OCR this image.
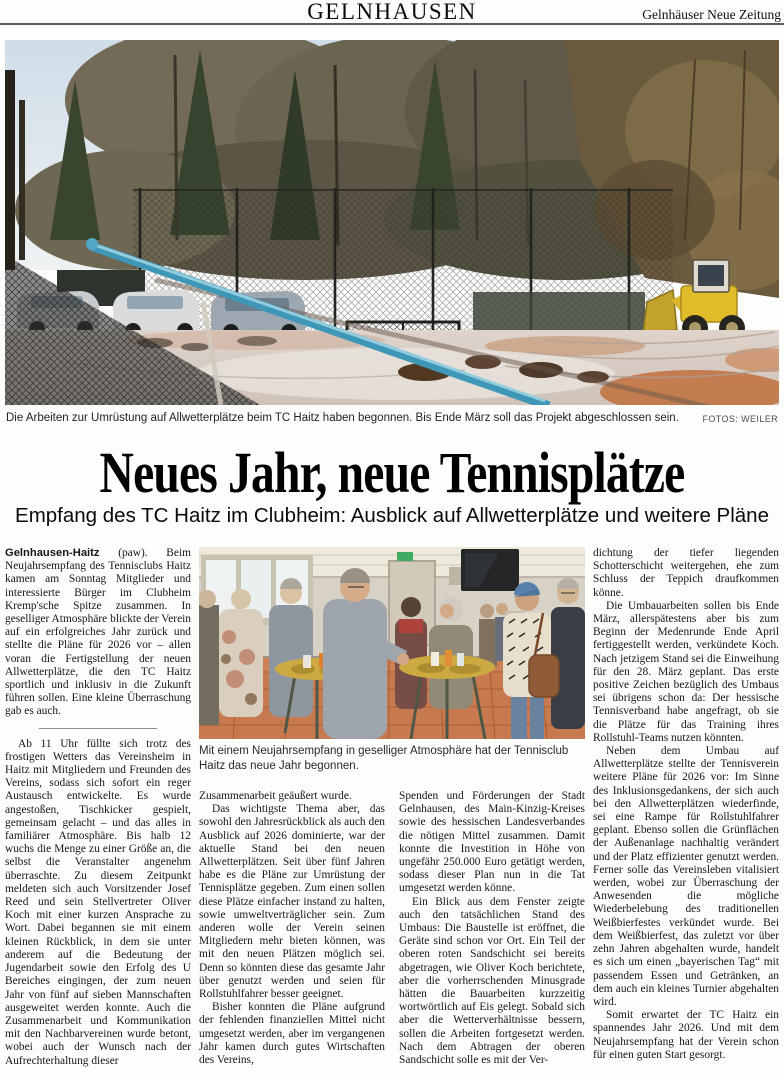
GELNHAUSEN	Gelnhäuser Neue Zeitung
Die Arbeiten zur Umrüstung auf Allwetterplätze beim TC Haitz haben begonnen. Bis Ende März soll das Projekt abgeschlossen sein.	FOTOS: WEILER
Neues Jahr, neue Tennisplätze
Empfang des TC Haitz im Clubheim: Ausblick auf Allwetterplätze und weitere Pläne

Gelnhausen-Haitz (paw). Beim Neujahrsempfang des Tennisclubs Haitz kamen am Sonntag Mitglieder und interessierte Bürger im Clubheim Kremp'sche Spitze zusammen. In geselliger Atmosphäre blickte der Verein auf ein erfolgreiches Jahr zurück und stellte die Pläne für 2026 vor – allen voran die Fertigstellung der neuen Allwetterplätze, die den TC Haitz sportlich und inklusiv in die Zukunft führen sollen. Eine kleine Überraschung gab es auch.

Ab 11 Uhr füllte sich trotz des frostigen Wetters das Vereinsheim in Haitz mit Mitgliedern und Freunden des Vereins, sodass sich sofort ein reger Austausch entwickelte. Es wurde angestoßen, Tischkicker gespielt, gemeinsam gelacht – und das alles in familiärer Atmosphäre. Bis halb 12 wuchs die Menge zu einer Größe an, die selbst die Veranstalter angenehm überraschte. Zu diesem Zeitpunkt meldeten sich auch Vorsitzender Josef Reed und sein Stellvertreter Oliver Koch mit einer kurzen Ansprache zu Wort. Dabei begannen sie mit einem kleinen Rückblick, in dem sie unter anderem auf die Bedeutung der Jugendarbeit sowie den Erfolg des U Bereiches eingingen, der zum neuen Jahr von fünf auf sieben Mannschaften ausgeweitet werden konnte. Auch die Zusammenarbeit und Kommunikation mit den Nachbarvereinen wurde betont, wobei auch der Wunsch nach der Aufrechterhaltung dieser

Mit einem Neujahrsempfang in geselliger Atmosphäre hat der Tennisclub Haitz das neue Jahr begonnen.

Zusammenarbeit geäußert wurde.

Das wichtigste Thema aber, das sowohl den Jahresrückblick als auch den Ausblick auf 2026 dominierte, war der aktuelle Stand bei den neuen Allwetterplätzen. Seit über fünf Jahren habe es die Pläne zur Umrüstung der Tennisplätze gegeben. Zum einen sollen diese Plätze einfacher instand zu halten, sowie umweltverträglicher sein. Zum anderen wolle der Verein seinen Mitgliedern mehr bieten können, was mit den neuen Plätzen möglich sei. Denn so könnten diese das gesamte Jahr über genutzt werden und seien für Rollstuhlfahrer besser geeignet.

Bisher konnten die Pläne aufgrund der fehlenden finanziellen Mittel nicht umgesetzt werden, aber im vergangenen Jahr kamen durch gutes Wirtschaften des Vereins,

Spenden und Förderungen der Stadt Gelnhausen, des Main-Kinzig-Kreises sowie des hessischen Landesverbandes die nötigen Mittel zusammen. Damit konnte die Investition in Höhe von ungefähr 250.000 Euro getätigt werden, sodass dieser Plan nun in die Tat umgesetzt werden könne.

Ein Blick aus dem Fenster zeigte auch den tatsächlichen Stand des Umbaus: Die Baustelle ist eröffnet, die Geräte sind schon vor Ort. Ein Teil der oberen roten Sandschicht sei bereits abgetragen, wie Oliver Koch berichtete, aber die vorherrschenden Minusgrade hätten die Bauarbeiten kurzzeitig wortwörtlich auf Eis gelegt. Sobald sich aber die Wetterverhältnisse bessern, sollen die Arbeiten fortgesetzt werden. Nach dem Abtragen der oberen Sandschicht solle es mit der Ver-

dichtung der tiefer liegenden Schotterschicht weitergehen, ehe zum Schluss der Teppich draufkommen könne.

Die Umbauarbeiten sollen bis Ende März, allerspätestens aber bis zum Beginn der Medenrunde Ende April fertiggestellt werden, verkündete Koch. Nach jetzigem Stand sei die Einweihung für den 28. März geplant. Das erste positive Zeichen bezüglich des Umbaus sei übrigens schon da: Der hessische Tennisverband habe angefragt, ob sie die Plätze für das Training ihres Rollstuhl-Teams nutzen könnten.

Neben dem Umbau auf Allwetterplätze stellte der Tennisverein weitere Pläne für 2026 vor: Im Sinne des Inklusionsgedankens, der sich auch bei den Allwetterplätzen wiederfinde, sei eine Rampe für Rollstuhlfahrer geplant. Ebenso sollen die Grünflächen der Außenanlage nachhaltig verändert und der Platz effizienter genutzt werden. Ferner solle das Vereinsleben vitalisiert werden, wobei zur Überraschung der Anwesenden die mögliche Wiederbelebung des traditionellen Weißbierfestes verkündet wurde. Bei dem Weißbierfest, das zuletzt vor über zehn Jahren abgehalten wurde, handelt es sich um einen „bayerischen Tag“ mit passendem Essen und Getränken, an dem auch ein kleines Turnier abgehalten wird.

Somit erwartet der TC Haitz ein spannendes Jahr 2026. Und mit dem Neujahrsempfang hat der Verein schon für einen guten Start gesorgt.
